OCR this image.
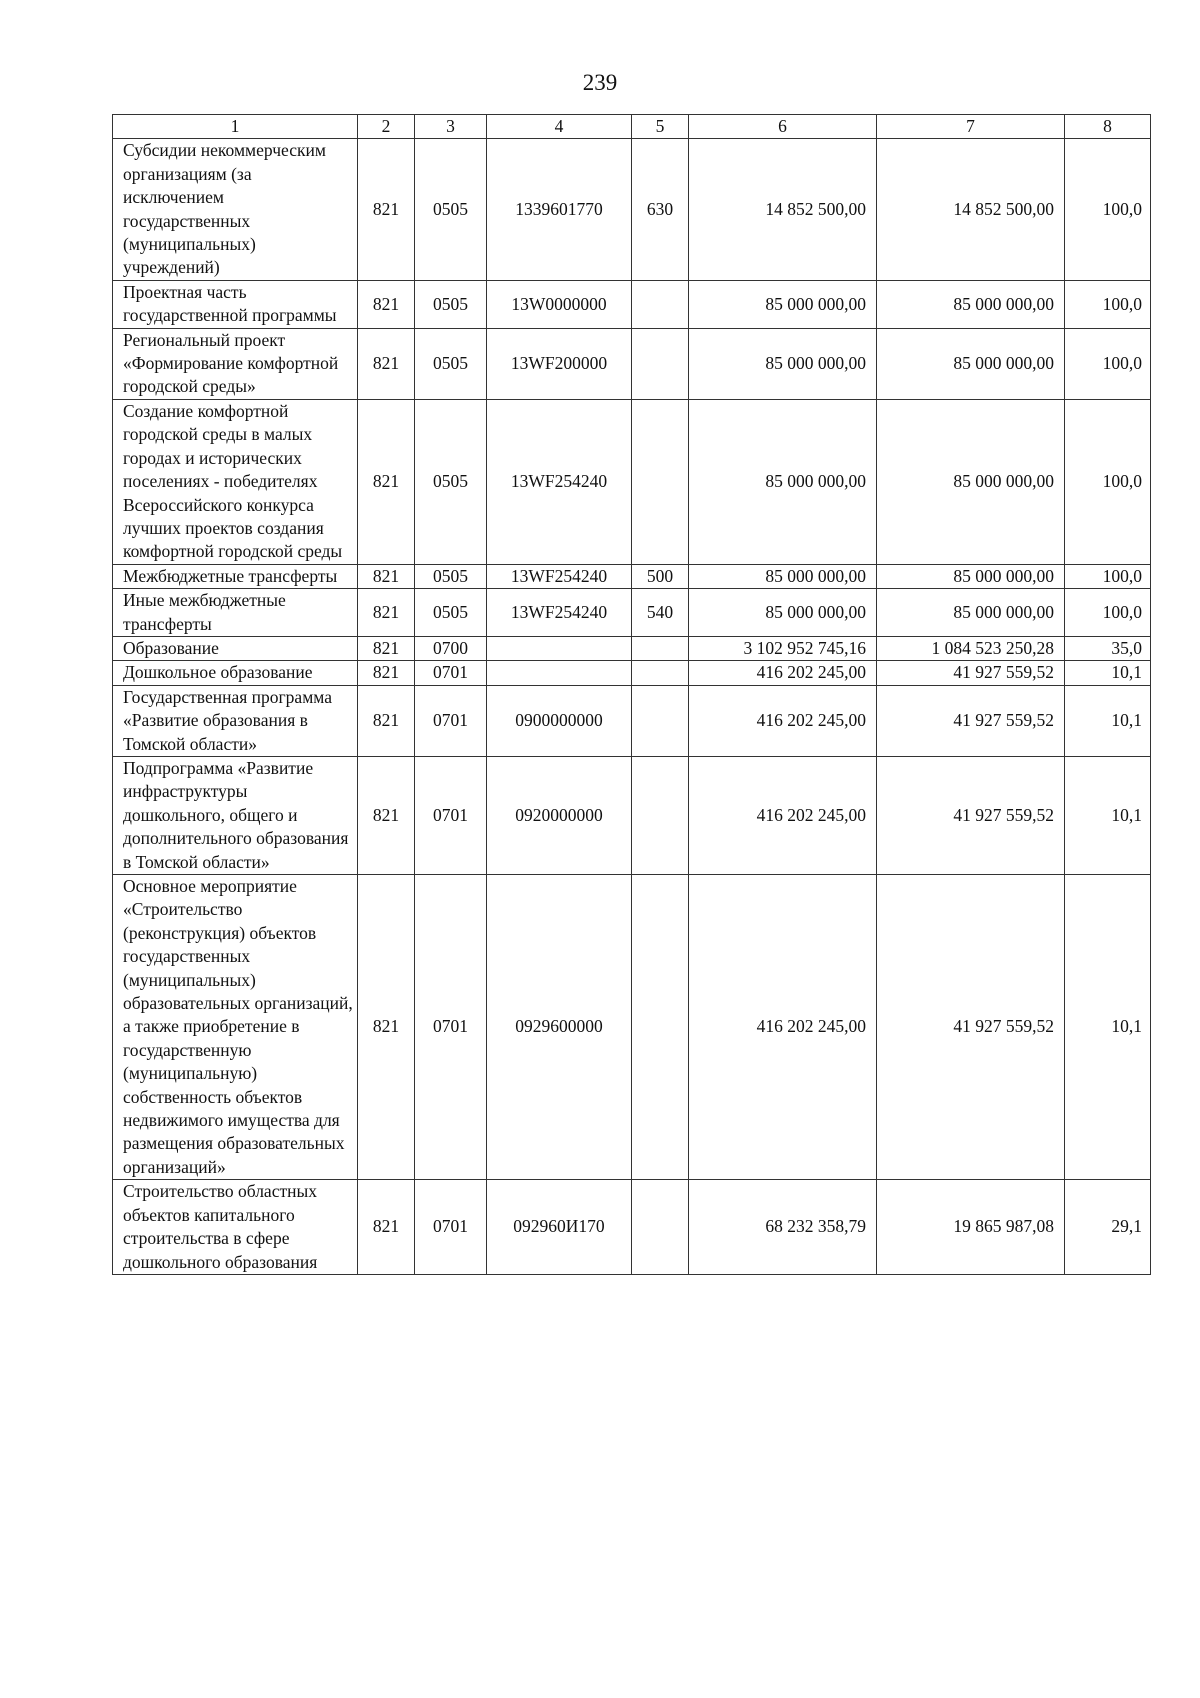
239
1	2	3	4	5	6	7	8
Субсидии некоммерческим организациям (за исключением государственных (муниципальных) учреждений)	821	0505	1339601770	630	14 852 500,00	14 852 500,00	100,0
Проектная часть государственной программы	821	0505	13W0000000		85 000 000,00	85 000 000,00	100,0
Региональный проект «Формирование комфортной городской среды»	821	0505	13WF200000		85 000 000,00	85 000 000,00	100,0
Создание комфортной городской среды в малых городах и исторических поселениях - победителях Всероссийского конкурса лучших проектов создания комфортной городской среды	821	0505	13WF254240		85 000 000,00	85 000 000,00	100,0
Межбюджетные трансферты	821	0505	13WF254240	500	85 000 000,00	85 000 000,00	100,0
Иные межбюджетные трансферты	821	0505	13WF254240	540	85 000 000,00	85 000 000,00	100,0
Образование	821	0700			3 102 952 745,16	1 084 523 250,28	35,0
Дошкольное образование	821	0701			416 202 245,00	41 927 559,52	10,1
Государственная программа «Развитие образования в Томской области»	821	0701	0900000000		416 202 245,00	41 927 559,52	10,1
Подпрограмма «Развитие инфраструктуры дошкольного, общего и дополнительного образования в Томской области»	821	0701	0920000000		416 202 245,00	41 927 559,52	10,1
Основное мероприятие «Строительство (реконструкция) объектов государственных (муниципальных) образовательных организаций, а также приобретение в государственную (муниципальную) собственность объектов недвижимого имущества для размещения образовательных организаций»	821	0701	0929600000		416 202 245,00	41 927 559,52	10,1
Строительство областных объектов капитального строительства в сфере дошкольного образования	821	0701	092960И170		68 232 358,79	19 865 987,08	29,1
